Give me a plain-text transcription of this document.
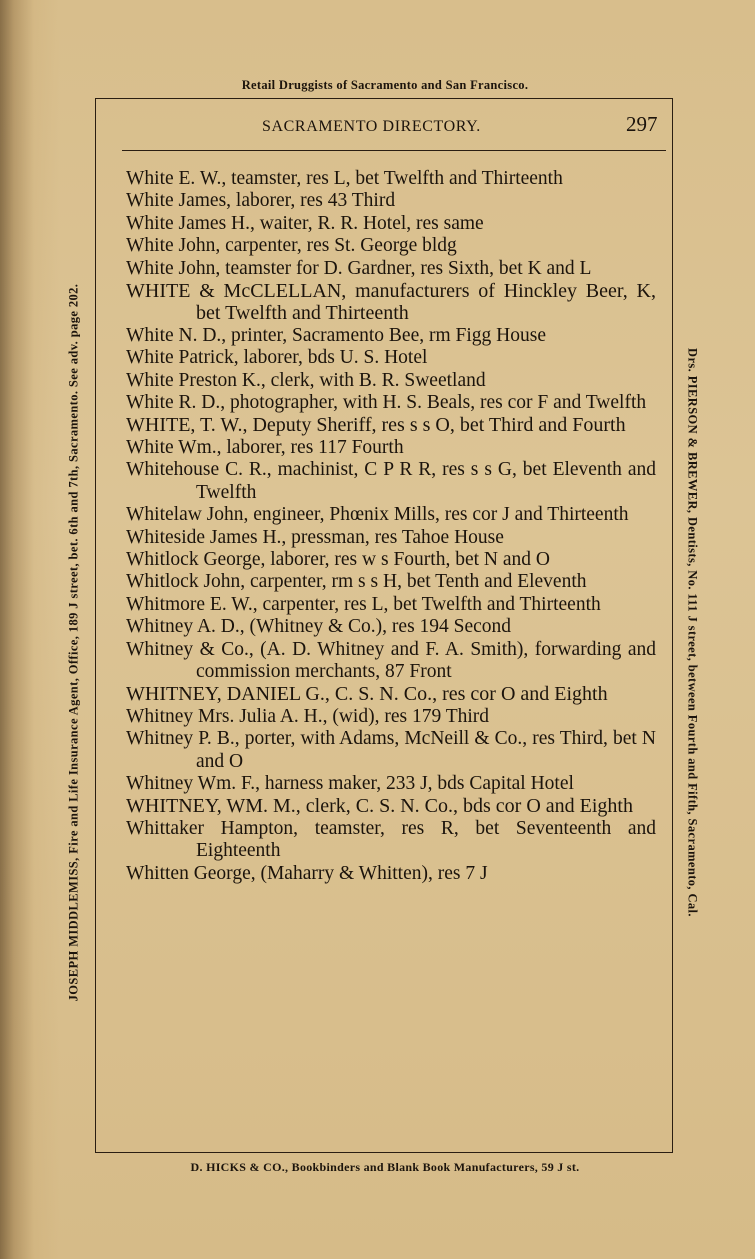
Retail Druggists of Sacramento and San Francisco.
SACRAMENTO DIRECTORY.	297

White E. W., teamster, res L, bet Twelfth and Thirteenth

White James, laborer, res 43 Third

White James H., waiter, R. R. Hotel, res same

White John, carpenter, res St. George bldg

White John, teamster for D. Gardner, res Sixth, bet K and L

WHITE & McCLELLAN, manufacturers of Hinckley Beer, K, bet Twelfth and Thirteenth

White N. D., printer, Sacramento Bee, rm Figg House

White Patrick, laborer, bds U. S. Hotel

White Preston K., clerk, with B. R. Sweetland

White R. D., photographer, with H. S. Beals, res cor F and Twelfth

WHITE, T. W., Deputy Sheriff, res s s O, bet Third and Fourth

White Wm., laborer, res 117 Fourth

Whitehouse C. R., machinist, C P R R, res s s G, bet Eleventh and Twelfth

Whitelaw John, engineer, Phœnix Mills, res cor J and Thirteenth

Whiteside James H., pressman, res Tahoe House

Whitlock George, laborer, res w s Fourth, bet N and O

Whitlock John, carpenter, rm s s H, bet Tenth and Eleventh

Whitmore E. W., carpenter, res L, bet Twelfth and Thirteenth

Whitney A. D., (Whitney & Co.), res 194 Second

Whitney & Co., (A. D. Whitney and F. A. Smith), forwarding and commission merchants, 87 Front

WHITNEY, DANIEL G., C. S. N. Co., res cor O and Eighth

Whitney Mrs. Julia A. H., (wid), res 179 Third

Whitney P. B., porter, with Adams, McNeill & Co., res Third, bet N and O

Whitney Wm. F., harness maker, 233 J, bds Capital Hotel

WHITNEY, WM. M., clerk, C. S. N. Co., bds cor O and Eighth

Whittaker Hampton, teamster, res R, bet Seventeenth and Eighteenth

Whitten George, (Maharry & Whitten), res 7 J

D. HICKS & CO., Bookbinders and Blank Book Manufacturers, 59 J st.
JOSEPH MIDDLEMISS, Fire and Life Insurance Agent, Office, 189 J street, bet. 6th and 7th, Sacramento. See adv. page 202.	Drs. PIERSON & BREWER, Dentists, No. 111 J street, between Fourth and Fifth, Sacramento, Cal.
